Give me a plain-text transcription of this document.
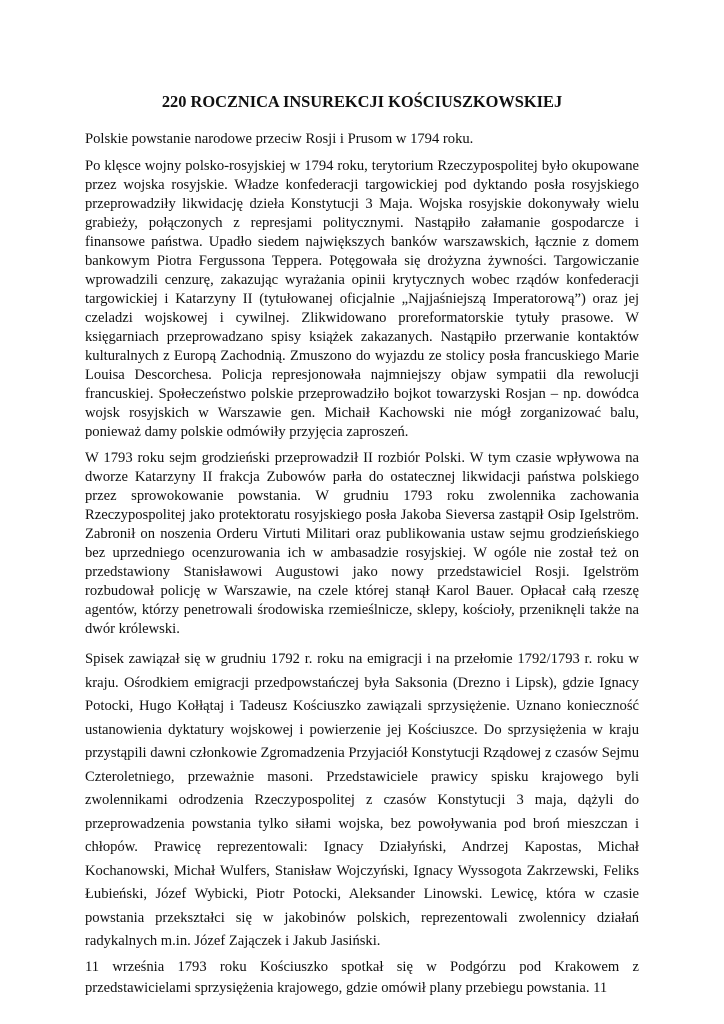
220 ROCZNICA INSUREKCJI KOŚCIUSZKOWSKIEJ

Polskie powstanie narodowe przeciw Rosji i Prusom w 1794 roku.

Po klęsce wojny polsko-rosyjskiej w 1794 roku, terytorium Rzeczypospolitej było okupowane przez wojska rosyjskie. Władze konfederacji targowickiej pod dyktando posła rosyjskiego przeprowadziły likwidację dzieła Konstytucji 3 Maja. Wojska rosyjskie dokonywały wielu grabieży, połączonych z represjami politycznymi. Nastąpiło załamanie gospodarcze i finansowe państwa. Upadło siedem największych banków warszawskich, łącznie z domem bankowym Piotra Fergussona Teppera. Potęgowała się drożyzna żywności. Targowiczanie wprowadzili cenzurę, zakazując wyrażania opinii krytycznych wobec rządów konfederacji targowickiej i Katarzyny II (tytułowanej oficjalnie „Najjaśniejszą Imperatorową”) oraz jej czeladzi wojskowej i cywilnej. Zlikwidowano proreformatorskie tytuły prasowe. W księgarniach przeprowadzano spisy książek zakazanych. Nastąpiło przerwanie kontaktów kulturalnych z Europą Zachodnią. Zmuszono do wyjazdu ze stolicy posła francuskiego Marie Louisa Descorchesa. Policja represjonowała najmniejszy objaw sympatii dla rewolucji francuskiej. Społeczeństwo polskie przeprowadziło bojkot towarzyski Rosjan – np. dowódca wojsk rosyjskich w Warszawie gen. Michaił Kachowski nie mógł zorganizować balu, ponieważ damy polskie odmówiły przyjęcia zaproszeń.

W 1793 roku sejm grodzieński przeprowadził II rozbiór Polski. W tym czasie wpływowa na dworze Katarzyny II frakcja Zubowów parła do ostatecznej likwidacji państwa polskiego przez sprowokowanie powstania. W grudniu 1793 roku zwolennika zachowania Rzeczypospolitej jako protektoratu rosyjskiego posła Jakoba Sieversa zastąpił Osip Igelström. Zabronił on noszenia Orderu Virtuti Militari oraz publikowania ustaw sejmu grodzieńskiego bez uprzedniego ocenzurowania ich w ambasadzie rosyjskiej. W ogóle nie został też on przedstawiony Stanisławowi Augustowi jako nowy przedstawiciel Rosji. Igelström rozbudował policję w Warszawie, na czele której stanął Karol Bauer. Opłacał całą rzeszę agentów, którzy penetrowali środowiska rzemieślnicze, sklepy, kościoły, przeniknęli także na dwór królewski.

Spisek zawiązał się w grudniu 1792 r. roku na emigracji i na przełomie 1792/1793 r. roku w kraju. Ośrodkiem emigracji przedpowstańczej była Saksonia (Drezno i Lipsk), gdzie Ignacy Potocki, Hugo Kołłątaj i Tadeusz Kościuszko zawiązali sprzysiężenie. Uznano konieczność ustanowienia dyktatury wojskowej i powierzenie jej Kościuszce. Do sprzysiężenia w kraju przystąpili dawni członkowie Zgromadzenia Przyjaciół Konstytucji Rządowej z czasów Sejmu Czteroletniego, przeważnie masoni. Przedstawiciele prawicy spisku krajowego byli zwolennikami odrodzenia Rzeczypospolitej z czasów Konstytucji 3 maja, dążyli do przeprowadzenia powstania tylko siłami wojska, bez powoływania pod broń mieszczan i chłopów. Prawicę reprezentowali: Ignacy Działyński, Andrzej Kapostas, Michał Kochanowski, Michał Wulfers, Stanisław Wojczyński, Ignacy Wyssogota Zakrzewski, Feliks Łubieński, Józef Wybicki, Piotr Potocki, Aleksander Linowski. Lewicę, która w czasie powstania przekształci się w jakobinów polskich, reprezentowali zwolennicy działań radykalnych m.in. Józef Zajączek i Jakub Jasiński.

11 września 1793 roku Kościuszko spotkał się w Podgórzu pod Krakowem z przedstawicielami sprzysiężenia krajowego, gdzie omówił plany przebiegu powstania. 11
